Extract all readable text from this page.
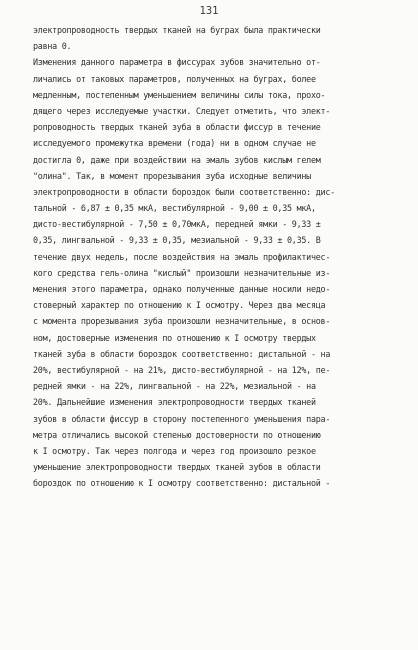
131
электропроводность твердых тканей на буграх была практически
равна 0.
Изменения данного параметра в фиссурах зубов значительно от-
личались от таковых параметров, полученных на буграх, более
медленным, постепенным уменьшением величины силы тока, прохо-
дящего через исследуемые участки. Следует отметить, что элект-
ропроводность твердых тканей зуба в области фиссур в течение
исследуемого промежутка времени (года) ни в одном случае не
достигла 0, даже при воздействии на эмаль зубов кислым гелем
"олина". Так, в момент прорезывания зуба исходные величины
электропроводности в области бороздок были соответственно: дис-
тальной - 6,87 ± 0,35 мкА, вестибулярной - 9,00 ± 0,35 мкА,
дисто-вестибулярной - 7,50 ± 0,70мкА, передней ямки - 9,33 ±
0,35, лингвальной - 9,33 ± 0,35, мезиальной - 9,33 ± 0,35. В
течение двух недель, после воздействия на эмаль профилактичес-
кого средства гель-олина "кислый" произошли незначительные из-
менения этого параметра, однако полученные данные носили недо-
стоверный характер по отношению к I осмотру. Через два месяца
с момента прорезывания зуба произошли незначительные, в основ-
ном, достоверные изменения по отношению к I осмотру твердых
тканей зуба в области бороздок соответственно: дистальной - на
20%, вестибулярной - на 21%, дисто-вестибулярной - на 12%, пе-
редней ямки - на 22%, лингвальной - на 22%, мезиальной - на
20%. Дальнейшие изменения электропроводности твердых тканей
зубов в области фиссур в сторону постепенного уменьшения пара-
метра отличались высокой степенью достоверности по отношению
к I осмотру. Так через полгода и через год произошло резкое
уменьшение электропроводности твердых тканей зубов в области
бороздок по отношению к I осмотру соответственно: дистальной -
